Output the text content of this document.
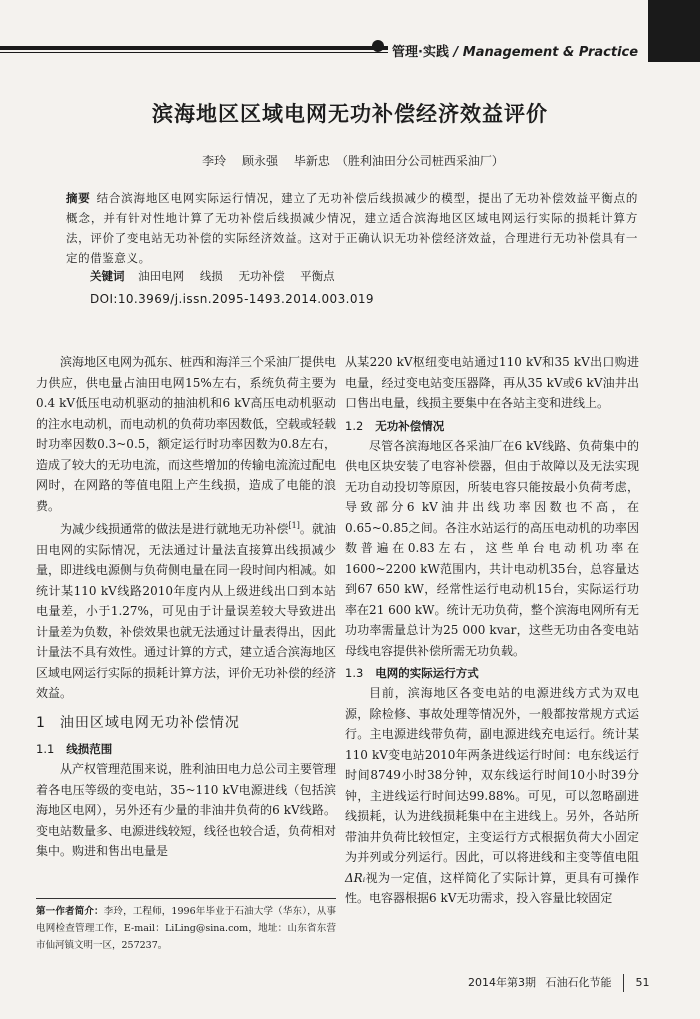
管理·实践 / Management & Practice
滨海地区区域电网无功补偿经济效益评价
李玲 顾永强 毕新忠 （胜利油田分公司桩西采油厂）
摘要 结合滨海地区电网实际运行情况，建立了无功补偿后线损减少的模型，提出了无功补偿效益平衡点的概念，并有针对性地计算了无功补偿后线损减少情况，建立适合滨海地区区域电网运行实际的损耗计算方法，评价了变电站无功补偿的实际经济效益。这对于正确认识无功补偿经济效益，合理进行无功补偿具有一定的借鉴意义。
关键词 油田电网 线损 无功补偿 平衡点
DOI:10.3969/j.issn.2095-1493.2014.003.019

滨海地区电网为孤东、桩西和海洋三个采油厂提供电力供应，供电量占油田电网15%左右，系统负荷主要为0.4 kV低压电动机驱动的抽油机和6 kV高压电动机驱动的注水电动机，而电动机的负荷功率因数低，空载或轻载时功率因数0.3~0.5，额定运行时功率因数为0.8左右，造成了较大的无功电流，而这些增加的传输电流流过配电网时，在网路的等值电阻上产生线损，造成了电能的浪费。

为减少线损通常的做法是进行就地无功补偿[1]。就油田电网的实际情况，无法通过计量法直接算出线损减少量，即进线电源侧与负荷侧电量在同一段时间内相减。如统计某110 kV线路2010年度内从上级进线出口到本站电量差，小于1.27%，可见由于计量误差较大导致进出计量差为负数，补偿效果也就无法通过计量表得出，因此计量法不具有效性。通过计算的方式，建立适合滨海地区区域电网运行实际的损耗计算方法，评价无功补偿的经济效益。

1 油田区域电网无功补偿情况
1.1 线损范围

从产权管理范围来说，胜利油田电力总公司主要管理着各电压等级的变电站，35~110 kV电源进线（包括滨海地区电网），另外还有少量的非油井负荷的6 kV线路。变电站数量多、电源进线较短，线径也较合适，负荷相对集中。购进和售出电量是

从某220 kV枢纽变电站通过110 kV和35 kV出口购进电量，经过变电站变压器降，再从35 kV或6 kV油井出口售出电量，线损主要集中在各站主变和进线上。

1.2 无功补偿情况

尽管各滨海地区各采油厂在6 kV线路、负荷集中的供电区块安装了电容补偿器，但由于故障以及无法实现无功自动投切等原因，所装电容只能按最小负荷考虑，导致部分6 kV油井出线功率因数也不高，在0.65~0.85之间。各注水站运行的高压电动机的功率因数普遍在0.83左右，这些单台电动机功率在1600~2200 kW范围内，共计电动机35台，总容量达到67 650 kW，经常性运行电动机15台，实际运行功率在21 600 kW。统计无功负荷，整个滨海电网所有无功功率需量总计为25 000 kvar，这些无功由各变电站母线电容提供补偿所需无功负载。

1.3 电网的实际运行方式

目前，滨海地区各变电站的电源进线方式为双电源，除检修、事故处理等情况外，一般都按常规方式运行。主电源进线带负荷，副电源进线充电运行。统计某110 kV变电站2010年两条进线运行时间：电东线运行时间8749小时38分钟，双东线运行时间10小时39分钟，主进线运行时间达99.88%。可见，可以忽略副进线损耗，认为进线损耗集中在主进线上。另外，各站所带油井负荷比较恒定，主变运行方式根据负荷大小固定为并列或分列运行。因此，可以将进线和主变等值电阻ΔRᵢ视为一定值，这样简化了实际计算，更具有可操作性。电容器根据6 kV无功需求，投入容量比较固定

第一作者简介：李玲，工程师，1996年毕业于石油大学（华东），从事电网检查管理工作，E-mail：LiLing@sina.com，地址：山东省东营市仙河镇文明一区，257237。
2014年第3期 石油石化节能 51
